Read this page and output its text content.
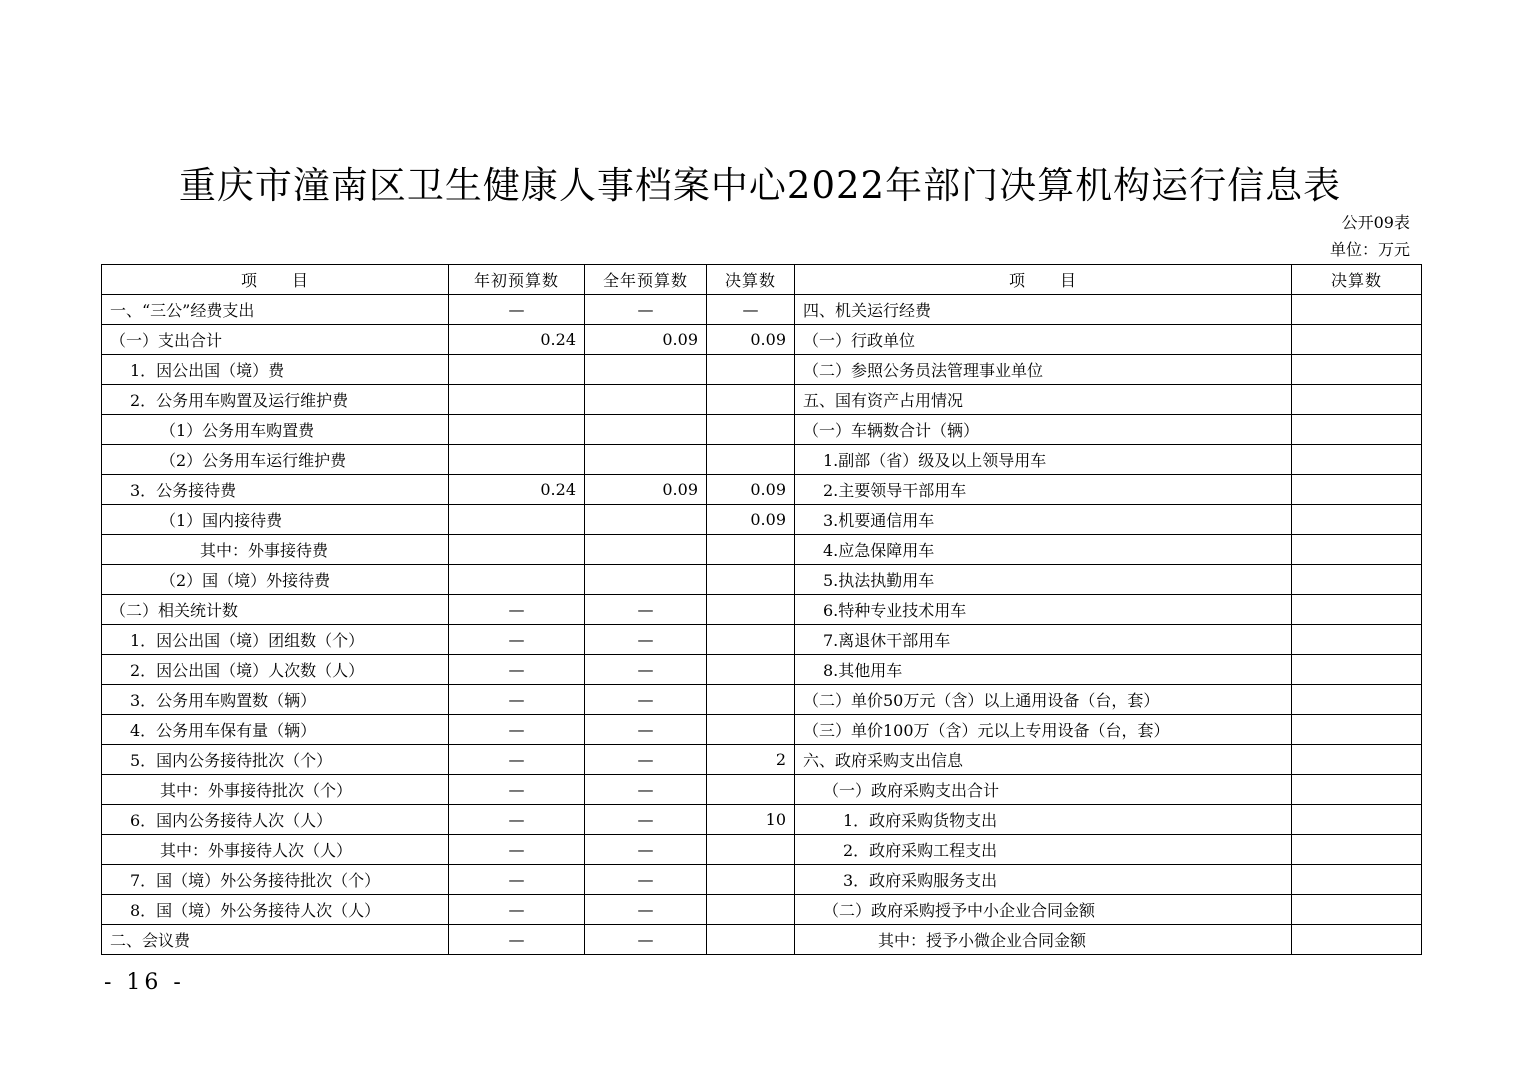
重庆市潼南区卫生健康人事档案中心2022年部门决算机构运行信息表
公开09表
单位：万元
项　　目	年初预算数	全年预算数	决算数	项　　目	决算数
一、“三公”经费支出	—	—	—	四、机关运行经费	
（一）支出合计	0.24	0.09	0.09	（一）行政单位	
1．因公出国（境）费				（二）参照公务员法管理事业单位	
2．公务用车购置及运行维护费				五、国有资产占用情况	
（1）公务用车购置费				（一）车辆数合计（辆）	
（2）公务用车运行维护费				1.副部（省）级及以上领导用车	
3．公务接待费	0.24	0.09	0.09	2.主要领导干部用车	
（1）国内接待费			0.09	3.机要通信用车	
其中：外事接待费				4.应急保障用车	
（2）国（境）外接待费				5.执法执勤用车	
（二）相关统计数	—	—		6.特种专业技术用车	
1．因公出国（境）团组数（个）	—	—		7.离退休干部用车	
2．因公出国（境）人次数（人）	—	—		8.其他用车	
3．公务用车购置数（辆）	—	—		（二）单价50万元（含）以上通用设备（台，套）	
4．公务用车保有量（辆）	—	—		（三）单价100万（含）元以上专用设备（台，套）	
5．国内公务接待批次（个）	—	—	2	六、政府采购支出信息	
其中：外事接待批次（个）	—	—		（一）政府采购支出合计	
6．国内公务接待人次（人）	—	—	10	1．政府采购货物支出	
其中：外事接待人次（人）	—	—		2．政府采购工程支出	
7．国（境）外公务接待批次（个）	—	—		3．政府采购服务支出	
8．国（境）外公务接待人次（人）	—	—		（二）政府采购授予中小企业合同金额	
二、会议费	—	—		其中：授予小微企业合同金额	
- 16 -
